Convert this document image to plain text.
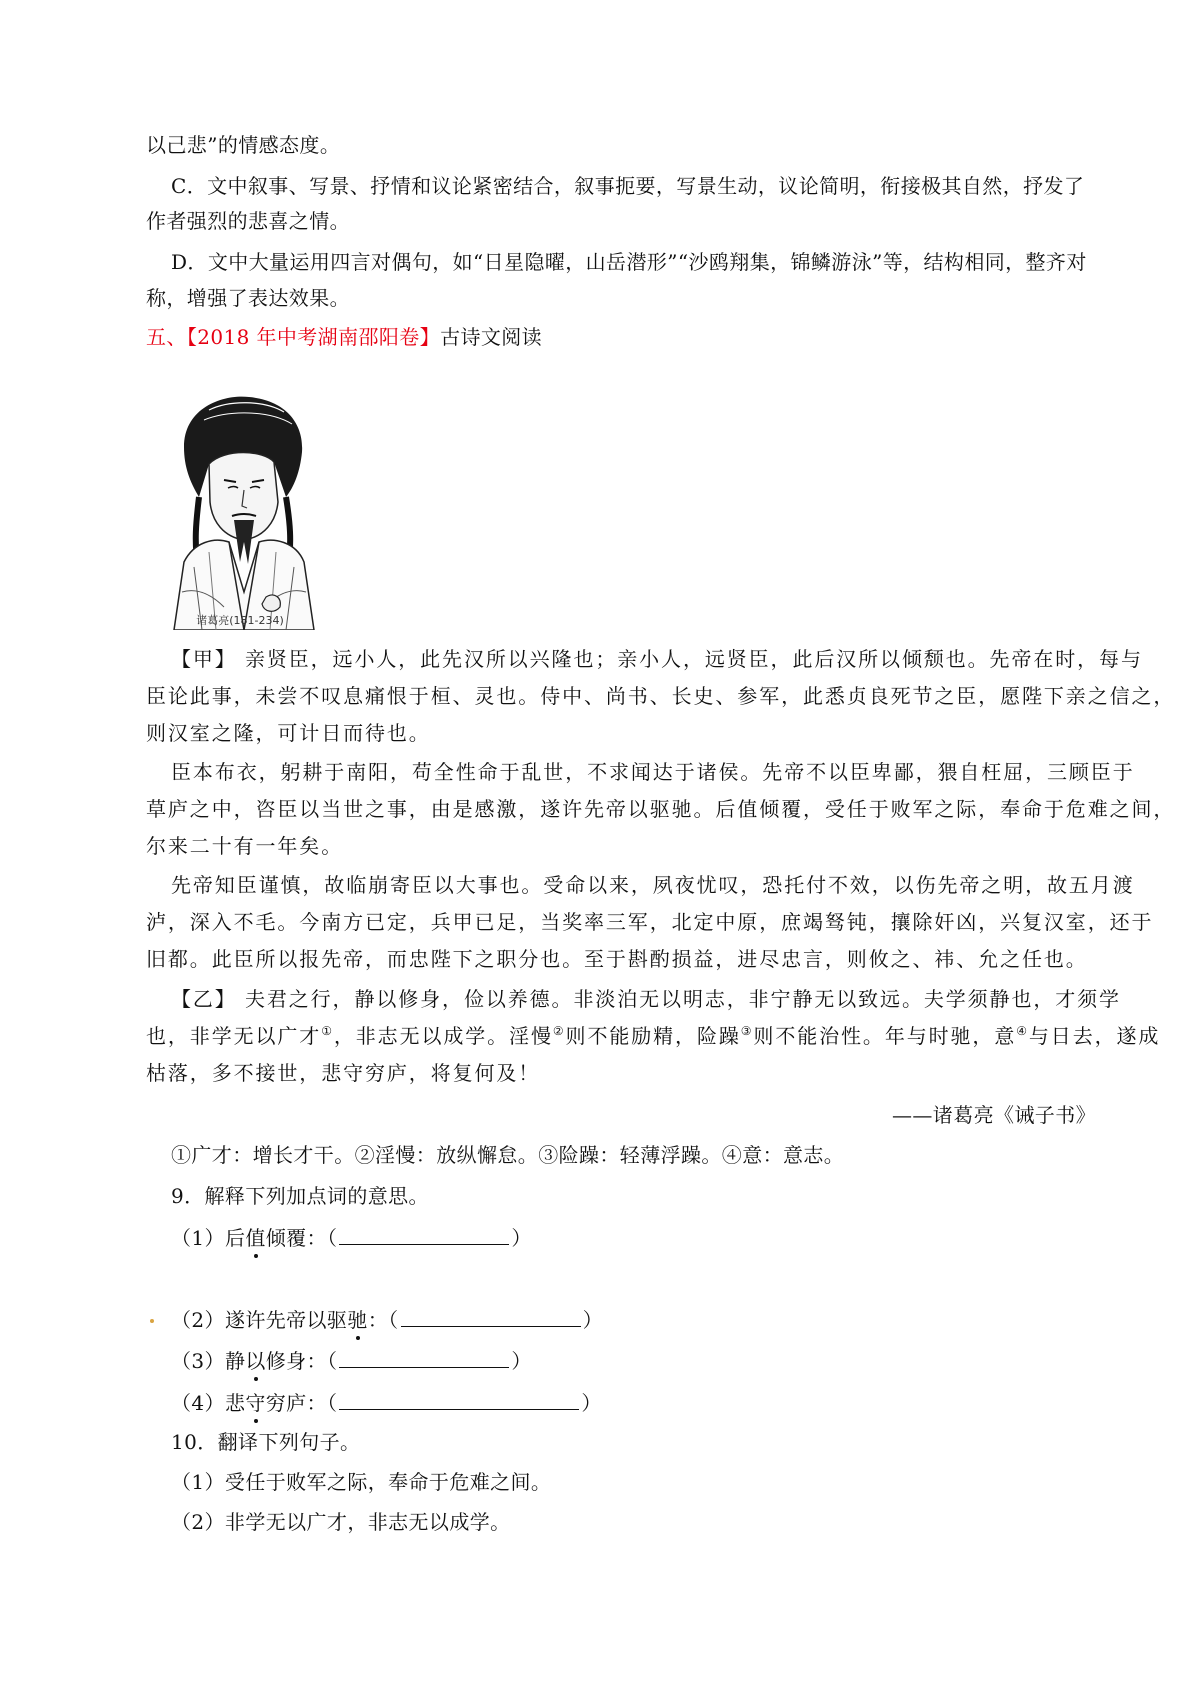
以己悲”的情感态度。
C．文中叙事、写景、抒情和议论紧密结合，叙事扼要，写景生动，议论简明，衔接极其自然，抒发了
作者强烈的悲喜之情。
D．文中大量运用四言对偶句，如“日星隐曜，山岳潜形”“沙鸥翔集，锦鳞游泳”等，结构相同，整齐对
称，增强了表达效果。
五、【2018 年中考湖南邵阳卷】古诗文阅读
诸葛亮(181-234)
【甲】 亲贤臣，远小人，此先汉所以兴隆也；亲小人，远贤臣，此后汉所以倾颓也。先帝在时，每与
臣论此事，未尝不叹息痛恨于桓、灵也。侍中、尚书、长史、参军，此悉贞良死节之臣，愿陛下亲之信之，
则汉室之隆，可计日而待也。
臣本布衣，躬耕于南阳，苟全性命于乱世，不求闻达于诸侯。先帝不以臣卑鄙，猥自枉屈，三顾臣于
草庐之中，咨臣以当世之事，由是感激，遂许先帝以驱驰。后值倾覆，受任于败军之际，奉命于危难之间，
尔来二十有一年矣。
先帝知臣谨慎，故临崩寄臣以大事也。受命以来，夙夜忧叹，恐托付不效，以伤先帝之明，故五月渡
泸，深入不毛。今南方已定，兵甲已足，当奖率三军，北定中原，庶竭驽钝，攘除奸凶，兴复汉室，还于
旧都。此臣所以报先帝，而忠陛下之职分也。至于斟酌损益，进尽忠言，则攸之、祎、允之任也。
【乙】 夫君之行，静以修身，俭以养德。非淡泊无以明志，非宁静无以致远。夫学须静也，才须学
也，非学无以广才①，非志无以成学。淫慢②则不能励精，险躁③则不能治性。年与时驰，意④与日去，遂成
枯落，多不接世，悲守穷庐，将复何及！
——诸葛亮《诫子书》
①广才：增长才干。②淫慢：放纵懈怠。③险躁：轻薄浮躁。④意：意志。
9．解释下列加点词的意思。
（1）后值倾覆：（	）
（2）遂许先帝以驱驰：（	）
（3）静以修身：（	）
（4）悲守穷庐：（	）
10．翻译下列句子。
（1）受任于败军之际，奉命于危难之间。
（2）非学无以广才，非志无以成学。
